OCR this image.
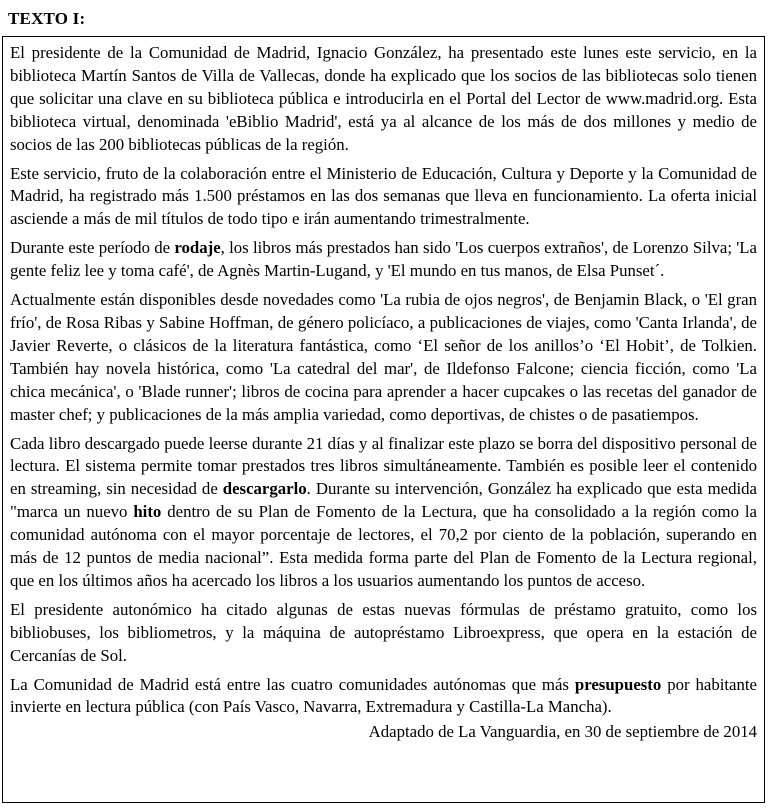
TEXTO I:

El presidente de la Comunidad de Madrid, Ignacio González, ha presentado este lunes este servicio, en la biblioteca Martín Santos de Villa de Vallecas, donde ha explicado que los socios de las bibliotecas solo tienen que solicitar una clave en su biblioteca pública e introducirla en el Portal del Lector de www.madrid.org. Esta biblioteca virtual, denominada 'eBiblio Madrid', está ya al alcance de los más de dos millones y medio de socios de las 200 bibliotecas públicas de la región.

Este servicio, fruto de la colaboración entre el Ministerio de Educación, Cultura y Deporte y la Comunidad de Madrid, ha registrado más 1.500 préstamos en las dos semanas que lleva en funcionamiento. La oferta inicial asciende a más de mil títulos de todo tipo e irán aumentando trimestralmente.

Durante este período de rodaje, los libros más prestados han sido 'Los cuerpos extraños', de Lorenzo Silva; 'La gente feliz lee y toma café', de Agnès Martin-Lugand, y 'El mundo en tus manos, de Elsa Punset´.

Actualmente están disponibles desde novedades como 'La rubia de ojos negros', de Benjamin Black, o 'El gran frío', de Rosa Ribas y Sabine Hoffman, de género policíaco, a publicaciones de viajes, como 'Canta Irlanda', de Javier Reverte, o clásicos de la literatura fantástica, como ‘El señor de los anillos’o ‘El Hobit’, de Tolkien. También hay novela histórica, como 'La catedral del mar', de Ildefonso Falcone; ciencia ficción, como 'La chica mecánica', o 'Blade runner'; libros de cocina para aprender a hacer cupcakes o las recetas del ganador de master chef; y publicaciones de la más amplia variedad, como deportivas, de chistes o de pasatiempos.

Cada libro descargado puede leerse durante 21 días y al finalizar este plazo se borra del dispositivo personal de lectura. El sistema permite tomar prestados tres libros simultáneamente. También es posible leer el contenido en streaming, sin necesidad de descargarlo. Durante su intervención, González ha explicado que esta medida "marca un nuevo hito dentro de su Plan de Fomento de la Lectura, que ha consolidado a la región como la comunidad autónoma con el mayor porcentaje de lectores, el 70,2 por ciento de la población, superando en más de 12 puntos de media nacional”. Esta medida forma parte del Plan de Fomento de la Lectura regional, que en los últimos años ha acercado los libros a los usuarios aumentando los puntos de acceso.

El presidente autonómico ha citado algunas de estas nuevas fórmulas de préstamo gratuito, como los bibliobuses, los bibliometros, y la máquina de autopréstamo Libroexpress, que opera en la estación de Cercanías de Sol.

La Comunidad de Madrid está entre las cuatro comunidades autónomas que más presupuesto por habitante invierte en lectura pública (con País Vasco, Navarra, Extremadura y Castilla-La Mancha).

Adaptado de La Vanguardia, en 30 de septiembre de 2014
